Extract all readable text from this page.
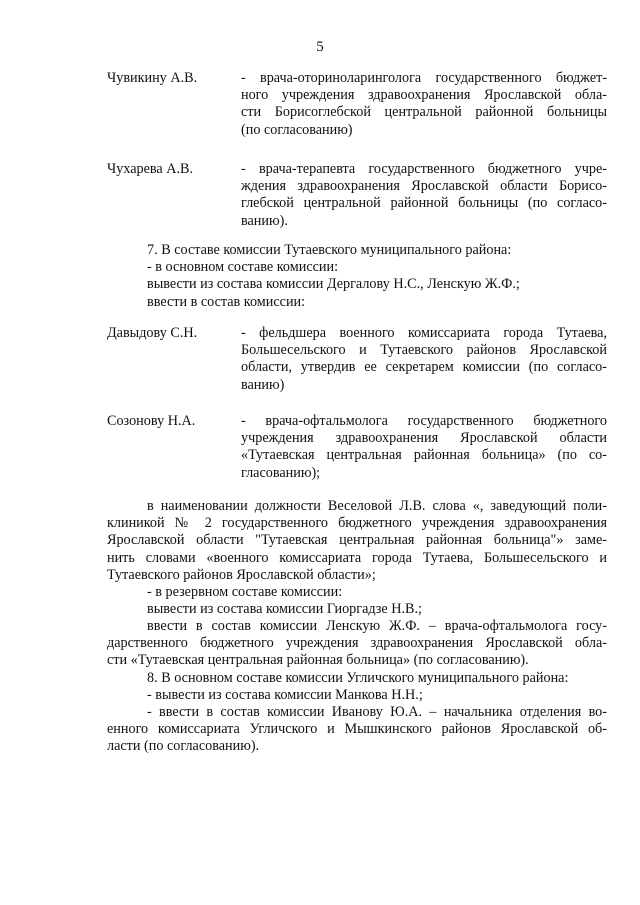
5
Чувикину А.В.	- врача-оториноларинголога государственного бюджет-
ного учреждения здравоохранения Ярославской обла-
сти Борисоглебской центральной районной больницы
(по согласованию)
Чухарева А.В.	- врача-терапевта государственного бюджетного учре-
ждения здравоохранения Ярославской области Борисо-
глебской центральной районной больницы (по согласо-
ванию).

7. В составе комиссии Тутаевского муниципального района:

- в основном составе комиссии:

вывести из состава комиссии Дергалову Н.С., Ленскую Ж.Ф.;

ввести в состав комиссии:

Давыдову С.Н.	- фельдшера военного комиссариата города Тутаева,
Большесельского и Тутаевского районов Ярославской
области, утвердив ее секретарем комиссии (по согласо-
ванию)
Созонову Н.А.	- врача-офтальмолога государственного бюджетного
учреждения здравоохранения Ярославской области
«Тутаевская центральная районная больница» (по со-
гласованию);

в наименовании должности Веселовой Л.В. слова «, заведующий поли-

клиникой № 2 государственного бюджетного учреждения здравоохранения

Ярославской области "Тутаевская центральная районная больница"» заме-

нить словами «военного комиссариата города Тутаева, Большесельского и

Тутаевского районов Ярославской области»;

- в резервном составе комиссии:

вывести из состава комиссии Гиоргадзе Н.В.;

ввести в состав комиссии Ленскую Ж.Ф. – врача-офтальмолога госу-

дарственного бюджетного учреждения здравоохранения Ярославской обла-

сти «Тутаевская центральная районная больница» (по согласованию).

8. В основном составе комиссии Угличского муниципального района:

- вывести из состава комиссии Манкова Н.Н.;

- ввести в состав комиссии Иванову Ю.А. – начальника отделения во-

енного комиссариата Угличского и Мышкинского районов Ярославской об-

ласти (по согласованию).
